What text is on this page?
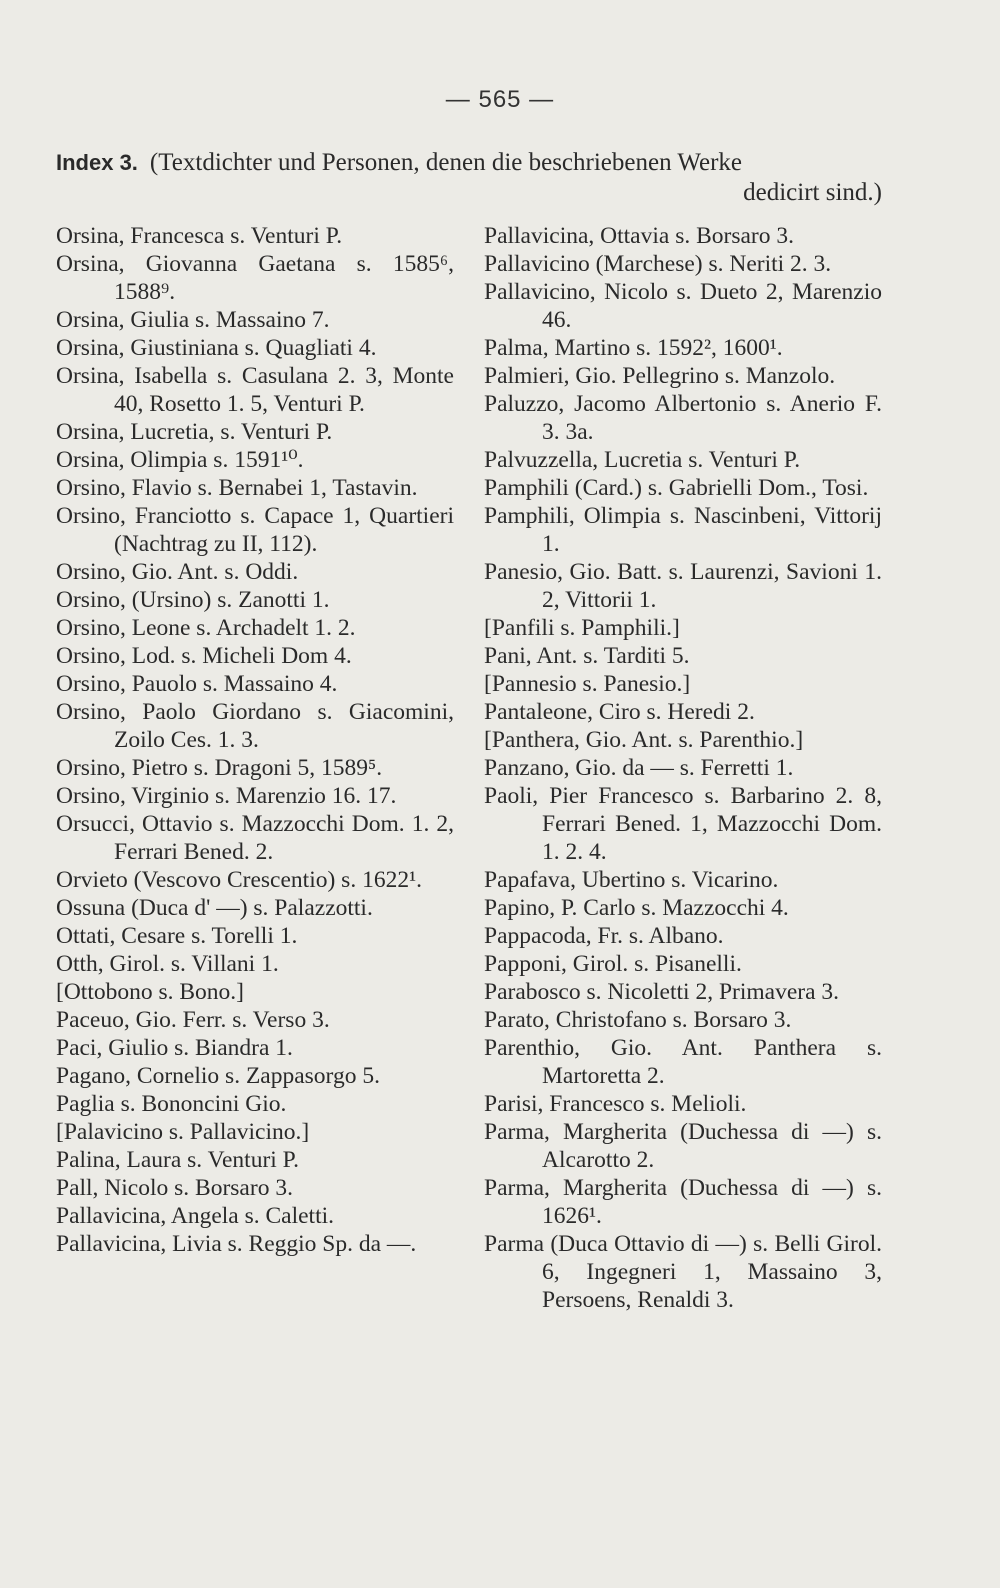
— 565 —
Index 3. (Textdichter und Personen, denen die beschriebenen Werke
dedicirt sind.)

Orsina, Francesca s. Venturi P.

Orsina, Giovanna Gaetana s. 1585⁶, 1588⁹.

Orsina, Giulia s. Massaino 7.

Orsina, Giustiniana s. Quagliati 4.

Orsina, Isabella s. Casulana 2. 3, Monte 40, Rosetto 1. 5, Venturi P.

Orsina, Lucretia, s. Venturi P.

Orsina, Olimpia s. 1591¹⁰.

Orsino, Flavio s. Bernabei 1, Tastavin.

Orsino, Franciotto s. Capace 1, Quartieri (Nachtrag zu II, 112).

Orsino, Gio. Ant. s. Oddi.

Orsino, (Ursino) s. Zanotti 1.

Orsino, Leone s. Archadelt 1. 2.

Orsino, Lod. s. Micheli Dom 4.

Orsino, Pauolo s. Massaino 4.

Orsino, Paolo Giordano s. Giacomini, Zoilo Ces. 1. 3.

Orsino, Pietro s. Dragoni 5, 1589⁵.

Orsino, Virginio s. Marenzio 16. 17.

Orsucci, Ottavio s. Mazzocchi Dom. 1. 2, Ferrari Bened. 2.

Orvieto (Vescovo Crescentio) s. 1622¹.

Ossuna (Duca d' —) s. Palazzotti.

Ottati, Cesare s. Torelli 1.

Otth, Girol. s. Villani 1.

[Ottobono s. Bono.]

Paceuo, Gio. Ferr. s. Verso 3.

Paci, Giulio s. Biandra 1.

Pagano, Cornelio s. Zappasorgo 5.

Paglia s. Bononcini Gio.

[Palavicino s. Pallavicino.]

Palina, Laura s. Venturi P.

Pall, Nicolo s. Borsaro 3.

Pallavicina, Angela s. Caletti.

Pallavicina, Livia s. Reggio Sp. da —.

Pallavicina, Ottavia s. Borsaro 3.

Pallavicino (Marchese) s. Neriti 2. 3.

Pallavicino, Nicolo s. Dueto 2, Marenzio 46.

Palma, Martino s. 1592², 1600¹.

Palmieri, Gio. Pellegrino s. Manzolo.

Paluzzo, Jacomo Albertonio s. Anerio F. 3. 3a.

Palvuzzella, Lucretia s. Venturi P.

Pamphili (Card.) s. Gabrielli Dom., Tosi.

Pamphili, Olimpia s. Nascinbeni, Vittorij 1.

Panesio, Gio. Batt. s. Laurenzi, Savioni 1. 2, Vittorii 1.

[Panfili s. Pamphili.]

Pani, Ant. s. Tarditi 5.

[Pannesio s. Panesio.]

Pantaleone, Ciro s. Heredi 2.

[Panthera, Gio. Ant. s. Parenthio.]

Panzano, Gio. da — s. Ferretti 1.

Paoli, Pier Francesco s. Barbarino 2. 8, Ferrari Bened. 1, Mazzocchi Dom. 1. 2. 4.

Papafava, Ubertino s. Vicarino.

Papino, P. Carlo s. Mazzocchi 4.

Pappacoda, Fr. s. Albano.

Papponi, Girol. s. Pisanelli.

Parabosco s. Nicoletti 2, Primavera 3.

Parato, Christofano s. Borsaro 3.

Parenthio, Gio. Ant. Panthera s. Martoretta 2.

Parisi, Francesco s. Melioli.

Parma, Margherita (Duchessa di —) s. Alcarotto 2.

Parma, Margherita (Duchessa di —) s. 1626¹.

Parma (Duca Ottavio di —) s. Belli Girol. 6, Ingegneri 1, Massaino 3, Persoens, Renaldi 3.
